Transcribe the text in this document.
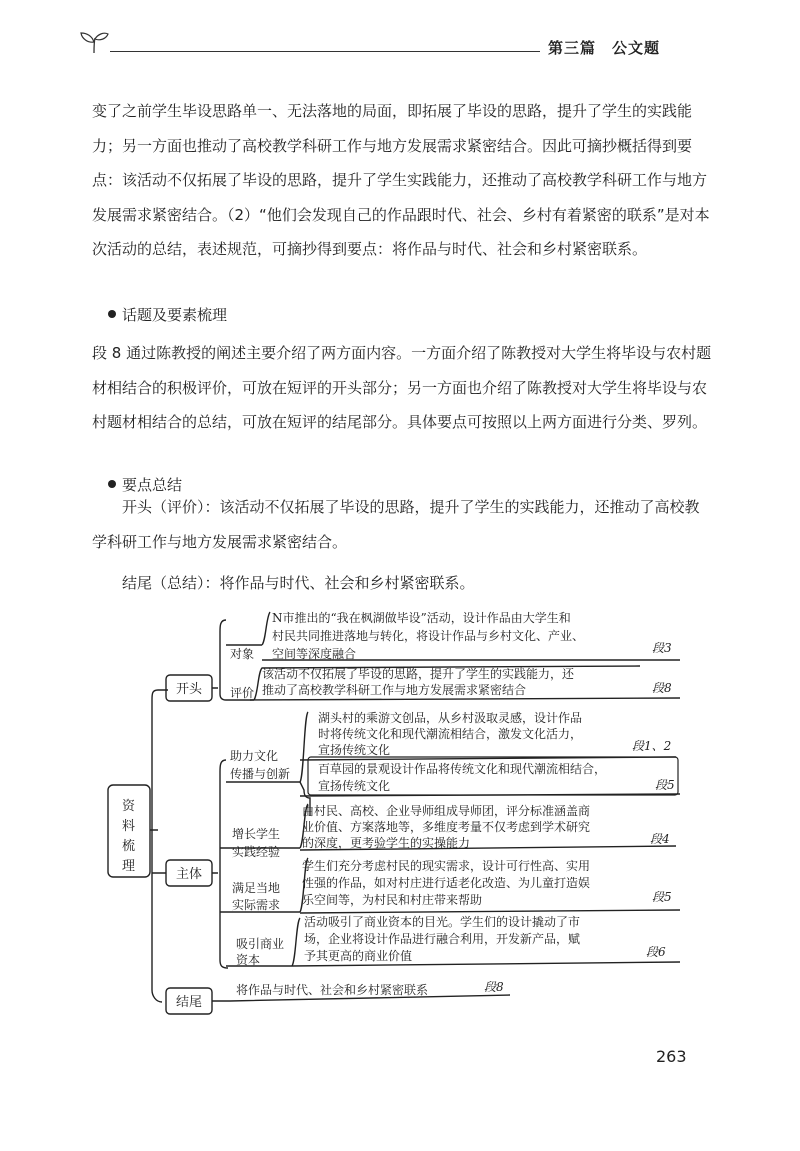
第三篇　公文题

变了之前学生毕设思路单一、无法落地的局面，即拓展了毕设的思路，提升了学生的实践能力；另一方面也推动了高校教学科研工作与地方发展需求紧密结合。因此可摘抄概括得到要点：该活动不仅拓展了毕设的思路，提升了学生实践能力，还推动了高校教学科研工作与地方发展需求紧密结合。（2）“他们会发现自己的作品跟时代、社会、乡村有着紧密的联系”是对本次活动的总结，表述规范，可摘抄得到要点：将作品与时代、社会和乡村紧密联系。

话题及要素梳理

段 8 通过陈教授的阐述主要介绍了两方面内容。一方面介绍了陈教授对大学生将毕设与农村题材相结合的积极评价，可放在短评的开头部分；另一方面也介绍了陈教授对大学生将毕设与农村题材相结合的总结，可放在短评的结尾部分。具体要点可按照以上两方面进行分类、罗列。

要点总结

开头（评价）：该活动不仅拓展了毕设的思路，提升了学生的实践能力，还推动了高校教学科研工作与地方发展需求紧密结合。

结尾（总结）：将作品与时代、社会和乡村紧密联系。
资
料
梳
理
开头
主体
结尾
对象
N市推出的“我在枫湖做毕设”活动，设计作品由大学生和
村民共同推进落地与转化，将设计作品与乡村文化、产业、
空间等深度融合	段3
评价
该活动不仅拓展了毕设的思路，提升了学生的实践能力，还
推动了高校教学科研工作与地方发展需求紧密结合	段8
助力文化
传播与创新
湖头村的乘游文创品，从乡村汲取灵感，设计作品
时将传统文化和现代潮流相结合，激发文化活力，
宣扬传统文化	段1、2
百草园的景观设计作品将传统文化和现代潮流相结合，
宣扬传统文化	段5
增长学生
实践经验
由村民、高校、企业导师组成导师团，评分标准涵盖商
业价值、方案落地等，多维度考量不仅考虑到学术研究
的深度，更考验学生的实操能力	段4
满足当地
实际需求
学生们充分考虑村民的现实需求，设计可行性高、实用
性强的作品，如对村庄进行适老化改造、为儿童打造娱
乐空间等，为村民和村庄带来帮助	段5
吸引商业
资本
活动吸引了商业资本的目光。学生们的设计撬动了市
场，企业将设计作品进行融合利用，开发新产品，赋
予其更高的商业价值	段6
将作品与时代、社会和乡村紧密联系	段8
263
